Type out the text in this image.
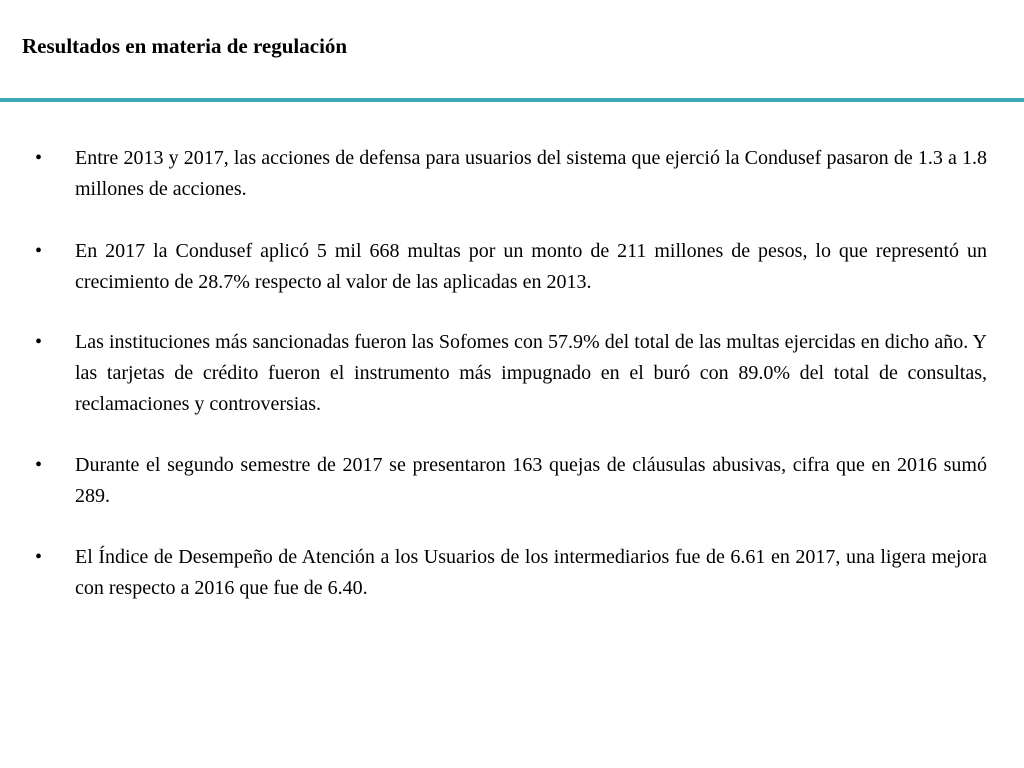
Resultados en materia de regulación
• Entre 2013 y 2017, las acciones de defensa para usuarios del sistema que ejerció la Condusef pasaron de 1.3 a 1.8 millones de acciones.

• En 2017 la Condusef aplicó 5 mil 668 multas por un monto de 211 millones de pesos, lo que representó un crecimiento de 28.7% respecto al valor de las aplicadas en 2013.

• Las instituciones más sancionadas fueron las Sofomes con 57.9% del total de las multas ejercidas en dicho año. Y las tarjetas de crédito fueron el instrumento más impugnado en el buró con 89.0% del total de consultas, reclamaciones y controversias.

• Durante el segundo semestre de 2017 se presentaron 163 quejas de cláusulas abusivas, cifra que en 2016 sumó 289.

• El Índice de Desempeño de Atención a los Usuarios de los intermediarios fue de 6.61 en 2017, una ligera mejora con respecto a 2016 que fue de 6.40.
